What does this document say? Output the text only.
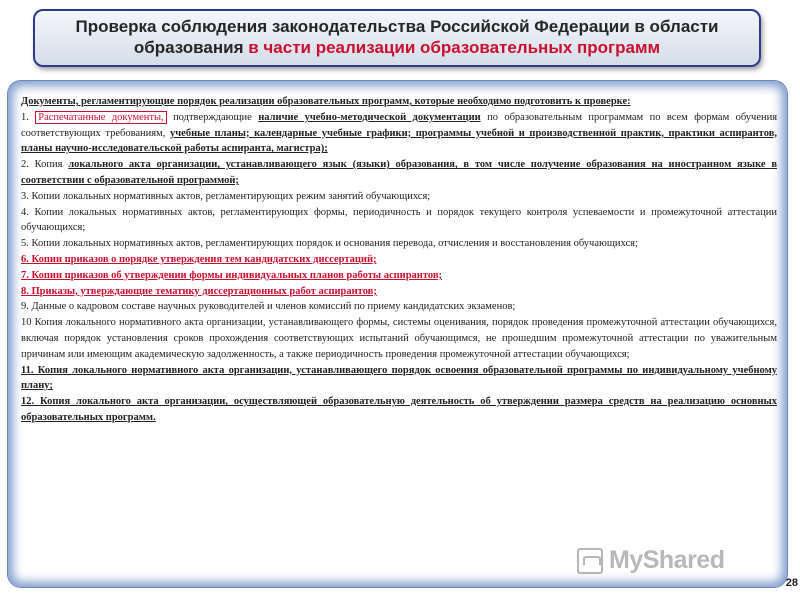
Проверка соблюдения законодательства Российской Федерации в области
образования в части реализации образовательных программ

Документы, регламентирующие порядок реализации образовательных программ, которые необходимо подготовить к проверке:

1. Распечатанные документы, подтверждающие наличие учебно-методической документации по образовательным программам по всем формам обучения соответствующих требованиям, учебные планы; календарные учебные графики; программы учебной и производственной практик, практики аспирантов, планы научно-исследовательской работы аспиранта, магистра);

2. Копия локального акта организации, устанавливающего язык (языки) образования, в том числе получение образования на иностранном языке в соответствии с образовательной программой;

3. Копии локальных нормативных актов, регламентирующих режим занятий обучающихся;

4. Копии локальных нормативных актов, регламентирующих формы, периодичность и порядок текущего контроля успеваемости и промежуточной аттестации обучающихся;

5. Копии локальных нормативных актов, регламентирующих порядок и основания перевода, отчисления и восстановления обучающихся;

6. Копии приказов о порядке утверждения тем кандидатских диссертаций;

7. Копии приказов об утверждении формы индивидуальных планов работы аспирантов;

8. Приказы, утверждающие тематику диссертационных работ аспирантов;

9. Данные о кадровом составе научных руководителей и членов комиссий по приему кандидатских экзаменов;

10 Копия локального нормативного акта организации, устанавливающего формы, системы оценивания, порядок проведения промежуточной аттестации обучающихся, включая порядок установления сроков прохождения соответствующих испытаний обучающимся, не прошедшим промежуточной аттестации по уважительным причинам или имеющим академическую задолженность, а также периодичность проведения промежуточной аттестации обучающихся;

11. Копия локального нормативного акта организации, устанавливающего порядок освоения образовательной программы по индивидуальному учебному плану;

12. Копия локального акта организации, осуществляющей образовательную деятельность об утверждении размера средств на реализацию основных образовательных программ.

MyShared
28
